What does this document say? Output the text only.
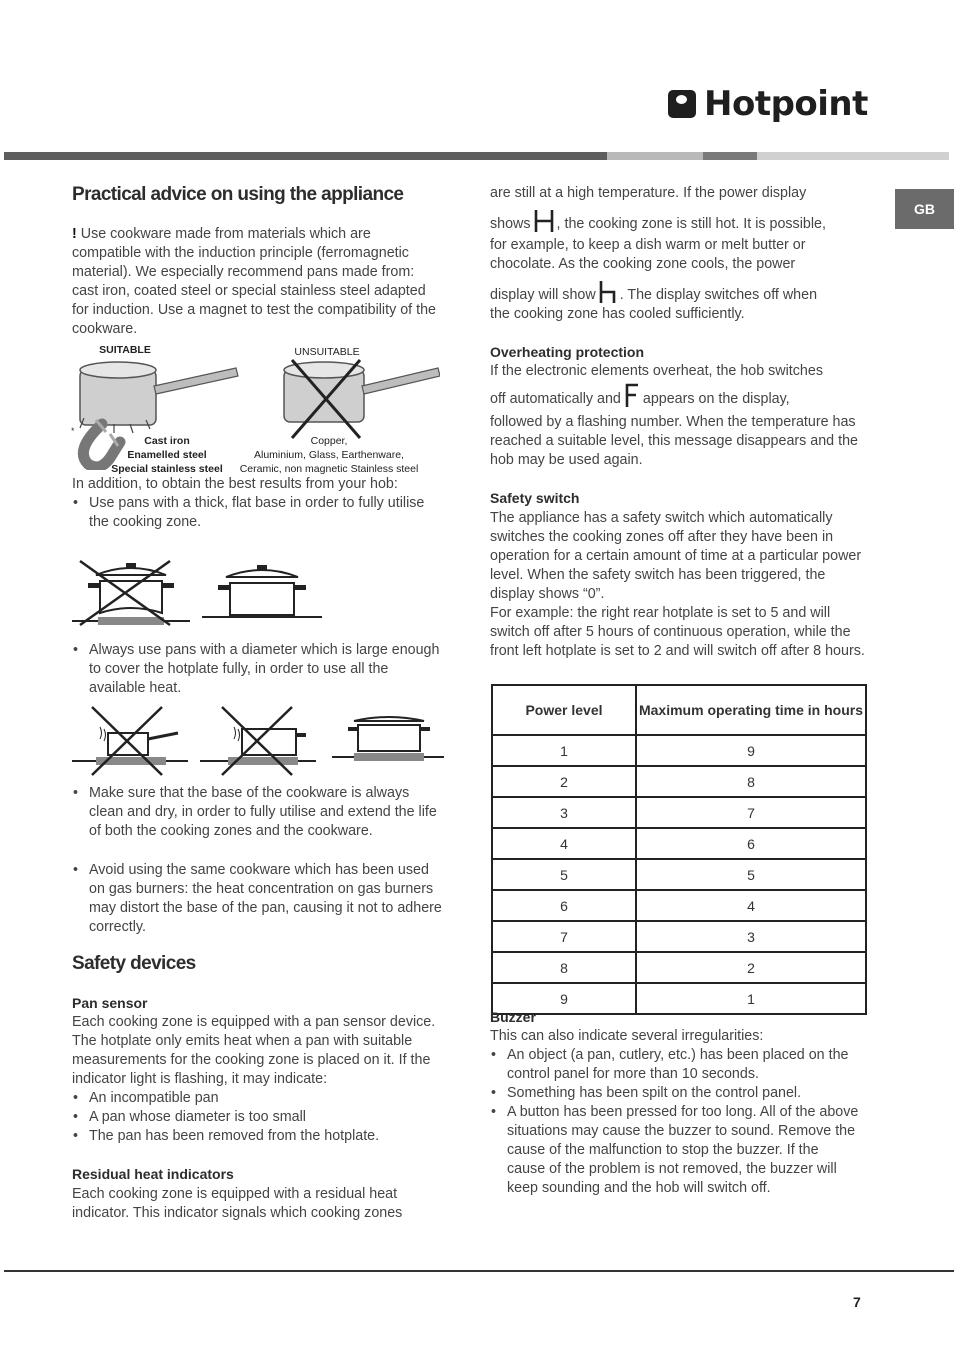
Hotpoint
GB
Practical advice on using the appliance

! Use cookware made from materials which are compatible with the induction principle (ferromagnetic material). We especially recommend pans made from: cast iron, coated steel or special stainless steel adapted for induction. Use a magnet to test the compatibility of the cookware.

SUITABLE	UNSUITABLE
*
Cast iron
Enamelled steel
Special stainless steel
Copper,
Aluminium, Glass, Earthenware,
Ceramic, non magnetic Stainless steel

In addition, to obtain the best results from your hob:

• Use pans with a thick, flat base in order to fully utilise the cooking zone.
• Always use pans with a diameter which is large enough to cover the hotplate fully, in order to use all the available heat.
• Make sure that the base of the cookware is always clean and dry, in order to fully utilise and extend the life of both the cooking zones and the cookware.
• Avoid using the same cookware which has been used on gas burners: the heat concentration on gas burners may distort the base of the pan, causing it not to adhere correctly.
Safety devices
Pan sensor

Each cooking zone is equipped with a pan sensor device. The hotplate only emits heat when a pan with suitable measurements for the cooking zone is placed on it. If the indicator light is flashing, it may indicate:

• An incompatible pan
• A pan whose diameter is too small
• The pan has been removed from the hotplate.
Residual heat indicators

Each cooking zone is equipped with a residual heat indicator. This indicator signals which cooking zones

are still at a high temperature. If the power display

shows , the cooking zone is still hot. It is possible,

for example, to keep a dish warm or melt butter or chocolate. As the cooking zone cools, the power

display will show . The display switches off when

the cooking zone has cooled sufficiently.

Overheating protection

If the electronic elements overheat, the hob switches

off automatically and appears on the display,

followed by a flashing number. When the temperature has reached a suitable level, this message disappears and the hob may be used again.

Safety switch

The appliance has a safety switch which automatically switches the cooking zones off after they have been in operation for a certain amount of time at a particular power level. When the safety switch has been triggered, the display shows “0”.

For example: the right rear hotplate is set to 5 and will switch off after 5 hours of continuous operation, while the front left hotplate is set to 2 and will switch off after 8 hours.

Power level	Maximum operating time in hours
1	9
2	8
3	7
4	6
5	5
6	4
7	3
8	2
9	1
Buzzer

This can also indicate several irregularities:

• An object (a pan, cutlery, etc.) has been placed on the control panel for more than 10 seconds.
• Something has been spilt on the control panel.
• A button has been pressed for too long. All of the above situations may cause the buzzer to sound. Remove the cause of the malfunction to stop the buzzer. If the cause of the problem is not removed, the buzzer will keep sounding and the hob will switch off.
7
